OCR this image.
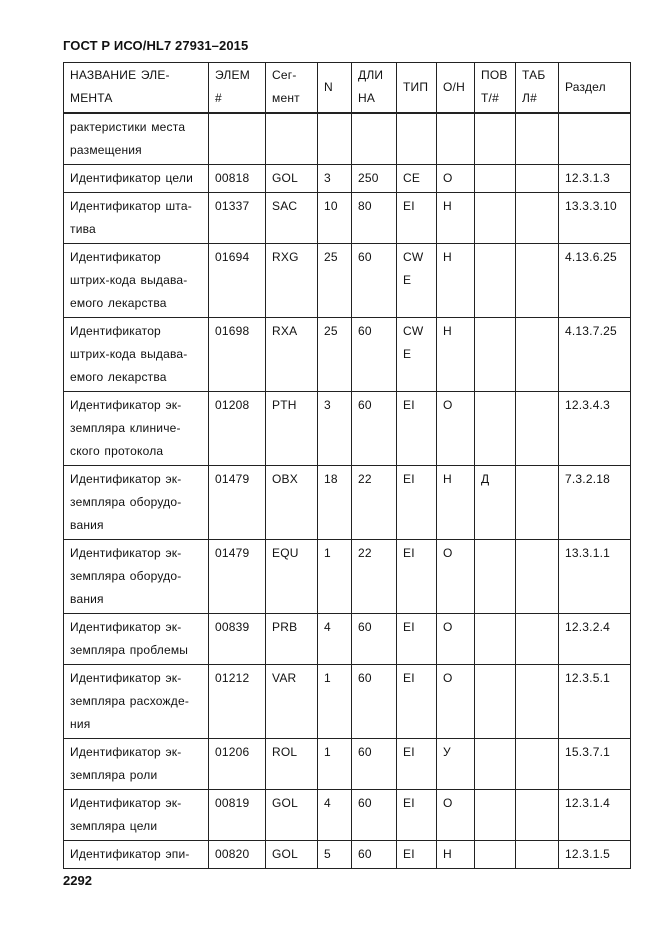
ГОСТ Р ИСО/HL7 27931–2015
НАЗВАНИЕ ЭЛЕ-МЕНТА	ЭЛЕМ #	Сег-мент	N	ДЛИ НА	ТИП	О/Н	ПОВ Т/#	ТАБ Л#	Раздел
рактеристики места размещения									
Идентификатор цели	00818	GOL	3	250	CE	О			12.3.1.3
Идентификатор шта-тива	01337	SAC	10	80	EI	Н			13.3.3.10
Идентификатор штрих-кода выдава-емого лекарства	01694	RXG	25	60	CW E	Н			4.13.6.25
Идентификатор штрих-кода выдава-емого лекарства	01698	RXA	25	60	CW E	Н			4.13.7.25
Идентификатор эк-земпляра клиниче-ского протокола	01208	PTH	3	60	EI	О			12.3.4.3
Идентификатор эк-земпляра оборудо-вания	01479	OBX	18	22	EI	Н	Д		7.3.2.18
Идентификатор эк-земпляра оборудо-вания	01479	EQU	1	22	EI	О			13.3.1.1
Идентификатор эк-земпляра проблемы	00839	PRB	4	60	EI	О			12.3.2.4
Идентификатор эк-земпляра расхожде-ния	01212	VAR	1	60	EI	О			12.3.5.1
Идентификатор эк-земпляра роли	01206	ROL	1	60	EI	У			15.3.7.1
Идентификатор эк-земпляра цели	00819	GOL	4	60	EI	О			12.3.1.4
Идентификатор эпи-	00820	GOL	5	60	EI	Н			12.3.1.5
2292
